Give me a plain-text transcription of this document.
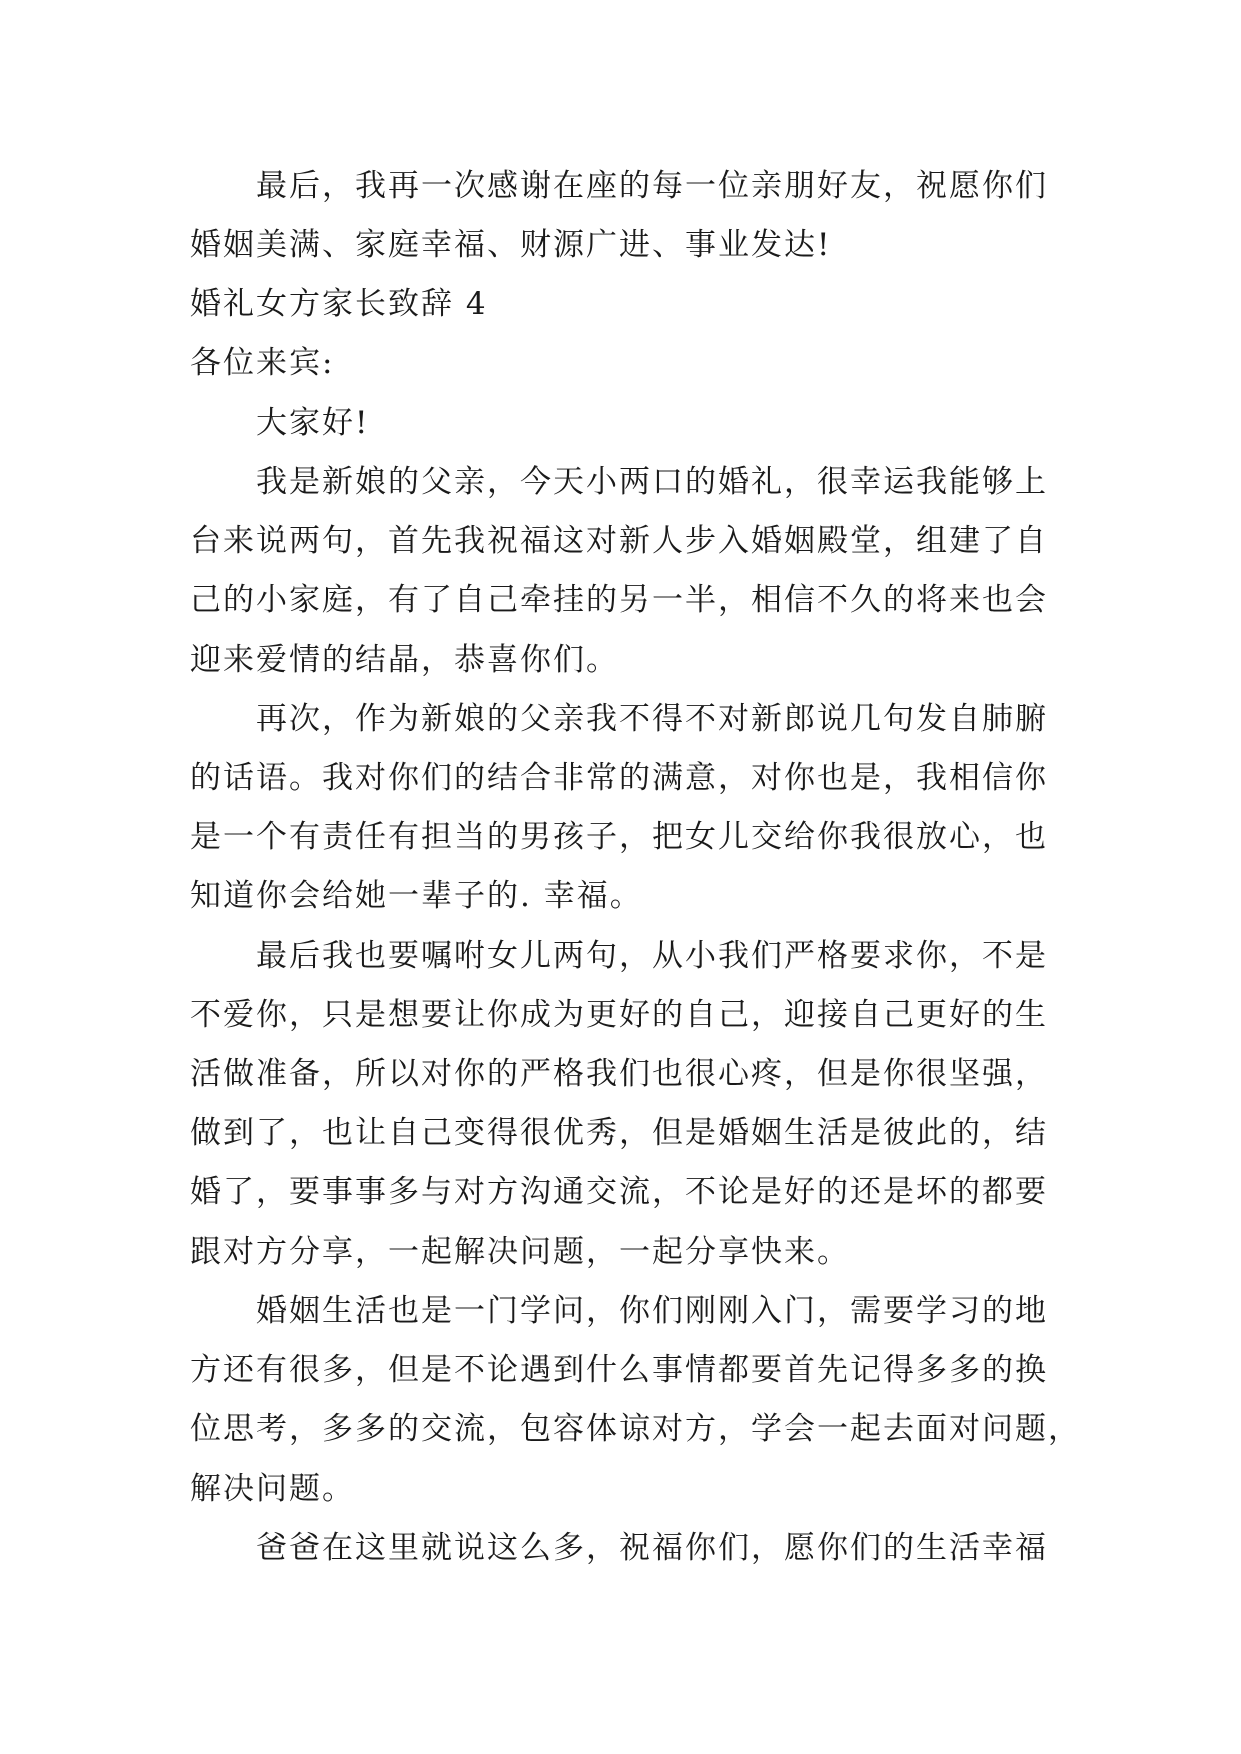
最后，我再一次感谢在座的每一位亲朋好友，祝愿你们
婚姻美满、家庭幸福、财源广进、事业发达!
婚礼女方家长致辞 4
各位来宾:
大家好!
我是新娘的父亲，今天小两口的婚礼，很幸运我能够上
台来说两句，首先我祝福这对新人步入婚姻殿堂，组建了自
己的小家庭，有了自己牵挂的另一半，相信不久的将来也会
迎来爱情的结晶，恭喜你们。
再次，作为新娘的父亲我不得不对新郎说几句发自肺腑
的话语。我对你们的结合非常的满意，对你也是，我相信你
是一个有责任有担当的男孩子，把女儿交给你我很放心，也
知道你会给她一辈子的. 幸福。
最后我也要嘱咐女儿两句，从小我们严格要求你，不是
不爱你，只是想要让你成为更好的自己，迎接自己更好的生
活做准备，所以对你的严格我们也很心疼，但是你很坚强，
做到了，也让自己变得很优秀，但是婚姻生活是彼此的，结
婚了，要事事多与对方沟通交流，不论是好的还是坏的都要
跟对方分享，一起解决问题，一起分享快来。
婚姻生活也是一门学问，你们刚刚入门，需要学习的地
方还有很多，但是不论遇到什么事情都要首先记得多多的换
位思考，多多的交流，包容体谅对方，学会一起去面对问题，
解决问题。
爸爸在这里就说这么多，祝福你们，愿你们的生活幸福
